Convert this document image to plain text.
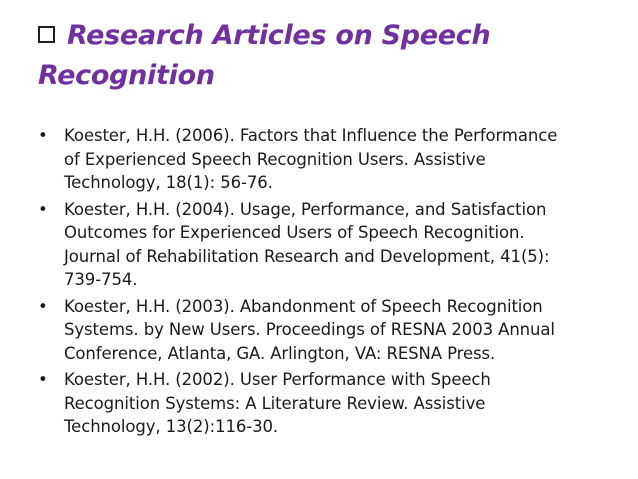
Research Articles on Speech
Recognition
• Koester, H.H. (2006). Factors that Influence the Performance
of Experienced Speech Recognition Users. Assistive
Technology, 18(1): 56-76.
• Koester, H.H. (2004). Usage, Performance, and Satisfaction
Outcomes for Experienced Users of Speech Recognition.
Journal of Rehabilitation Research and Development, 41(5):
739-754.
• Koester, H.H. (2003). Abandonment of Speech Recognition
Systems. by New Users. Proceedings of RESNA 2003 Annual
Conference, Atlanta, GA. Arlington, VA: RESNA Press.
• Koester, H.H. (2002). User Performance with Speech
Recognition Systems: A Literature Review. Assistive
Technology, 13(2):116-30.
